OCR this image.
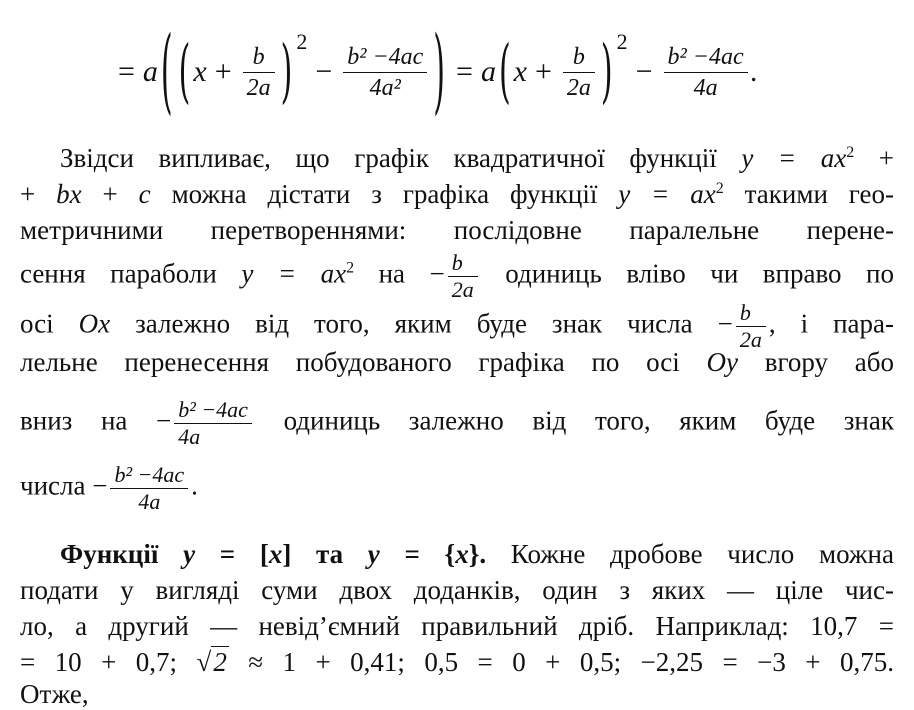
= a ( ( $x + \frac{b}{2a}$ ) 2
− $\frac{\text{b² −4ac}}{\text{4a²}}$ ) = a ( $x + \frac{b}{2a}$ ) 2
− $\frac{\text{b² −4ac}}{4a}$ .
Звідси випливає, що графік квадратичної функції $y = ax^2$ +
+ bx + c можна дістати з графіка функції $y = ax^2$ такими гео-
метричними перетвореннями: послідовне паралельне перене-
сення параболи $y = ax^2$ на − $\frac{b}{2a}$ одиниць вліво чи вправо по
осі Ox залежно від того, яким буде знак числа − $\frac{b}{2a}$ , і пара-
лельне перенесення побудованого графіка по осі Oy вгору або
вниз на − $\frac{\text{b² −4ac}}{4a}$ одиниць залежно від того, яким буде знак
числа − $\frac{\text{b² −4ac}}{4a}$ .
Функції y = [x] та y = {x}. Кожне дробове число можна
подати у вигляді суми двох доданків, один з яких — ціле чис-
ло, а другий — невід’ємний правильний дріб. Наприклад: 10,7 =
= 10 + 0,7; √2 ≈ 1 + 0,41; 0,5 = 0 + 0,5; −2,25 = −3 + 0,75.
Отже,
